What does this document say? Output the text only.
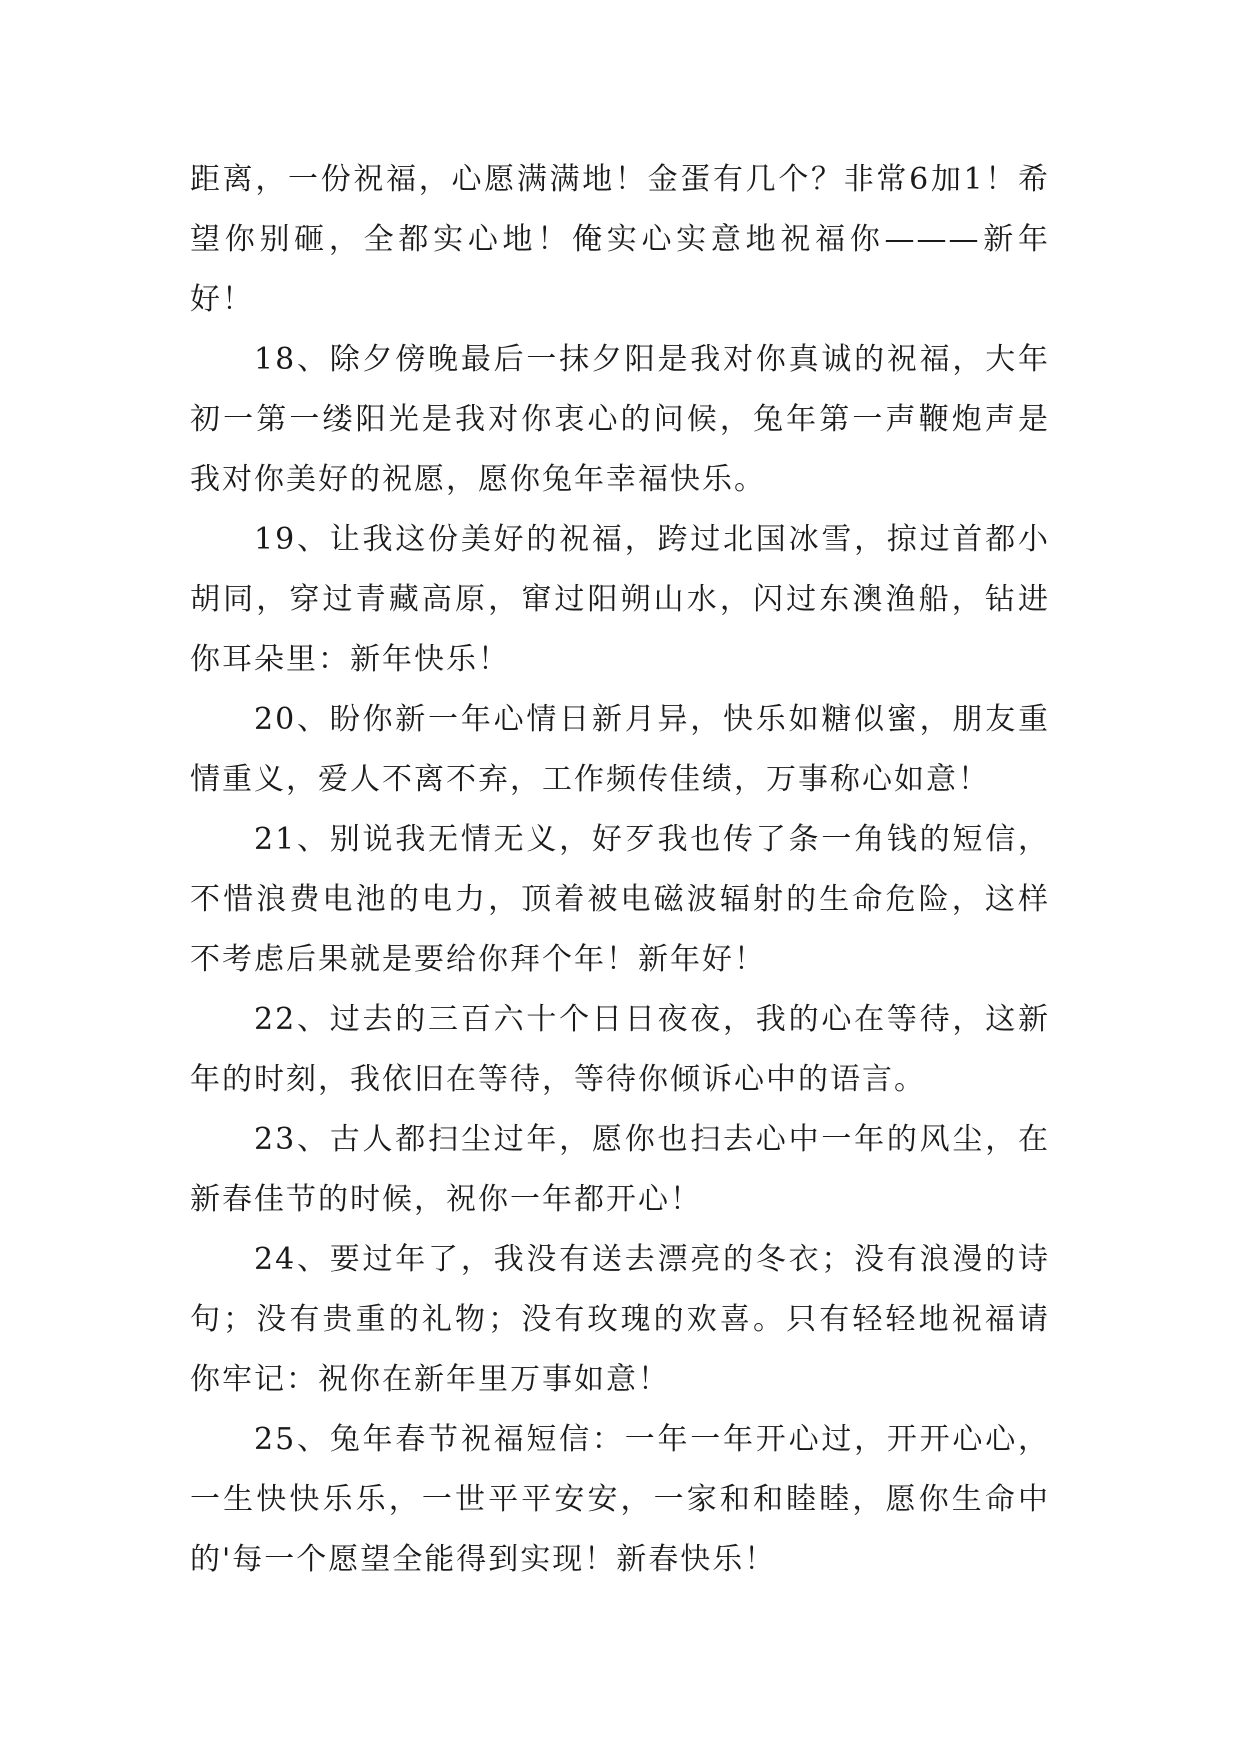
距离，一份祝福，心愿满满地！金蛋有几个？非常6加1！希望你别砸，全都实心地！俺实心实意地祝福你———新年好！

18、除夕傍晚最后一抹夕阳是我对你真诚的祝福，大年初一第一缕阳光是我对你衷心的问候，兔年第一声鞭炮声是我对你美好的祝愿，愿你兔年幸福快乐。

19、让我这份美好的祝福，跨过北国冰雪，掠过首都小胡同，穿过青藏高原，窜过阳朔山水，闪过东澳渔船，钻进你耳朵里：新年快乐！

20、盼你新一年心情日新月异，快乐如糖似蜜，朋友重情重义，爱人不离不弃，工作频传佳绩，万事称心如意！

21、别说我无情无义，好歹我也传了条一角钱的短信，不惜浪费电池的电力，顶着被电磁波辐射的生命危险，这样不考虑后果就是要给你拜个年！新年好！

22、过去的三百六十个日日夜夜，我的心在等待，这新年的时刻，我依旧在等待，等待你倾诉心中的语言。

23、古人都扫尘过年，愿你也扫去心中一年的风尘，在新春佳节的时候，祝你一年都开心！

24、要过年了，我没有送去漂亮的冬衣；没有浪漫的诗句；没有贵重的礼物；没有玫瑰的欢喜。只有轻轻地祝福请你牢记：祝你在新年里万事如意！

25、兔年春节祝福短信：一年一年开心过，开开心心，一生快快乐乐，一世平平安安，一家和和睦睦，愿你生命中的'每一个愿望全能得到实现！新春快乐！
